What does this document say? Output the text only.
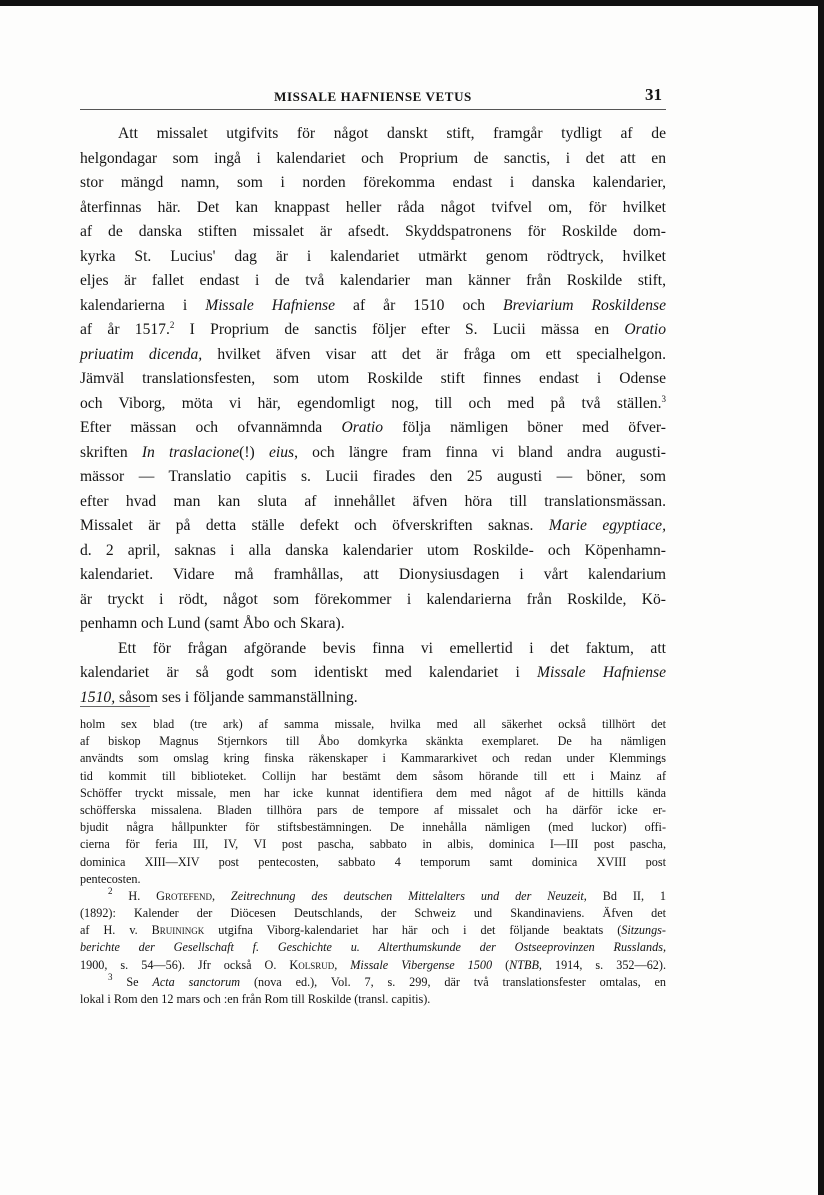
MISSALE HAFNIENSE VETUS	31
Att missalet utgifvits för något danskt stift, framgår tydligt af de
helgondagar som ingå i kalendariet och Proprium de sanctis, i det att en
stor mängd namn, som i norden förekomma endast i danska kalendarier,
återfinnas här. Det kan knappast heller råda något tvifvel om, för hvilket
af de danska stiften missalet är afsedt. Skyddspatronens för Roskilde dom-
kyrka St. Lucius' dag är i kalendariet utmärkt genom rödtryck, hvilket
eljes är fallet endast i de två kalendarier man känner från Roskilde stift,
kalendarierna i Missale Hafniense af år 1510 och Breviarium Roskildense
af år 1517.$^2$ I Proprium de sanctis följer efter S. Lucii mässa en Oratio
priuatim dicenda, hvilket äfven visar att det är fråga om ett specialhelgon.
Jämväl translationsfesten, som utom Roskilde stift finnes endast i Odense
och Viborg, möta vi här, egendomligt nog, till och med på två ställen.$^3$
Efter mässan och ofvannämnda Oratio följa nämligen böner med öfver-
skriften In traslacione(!) eius, och längre fram finna vi bland andra augusti-
mässor — Translatio capitis s. Lucii firades den 25 augusti — böner, som
efter hvad man kan sluta af innehållet äfven höra till translationsmässan.
Missalet är på detta ställe defekt och öfverskriften saknas. Marie egyptiace,
d. 2 april, saknas i alla danska kalendarier utom Roskilde- och Köpenhamn-
kalendariet. Vidare må framhållas, att Dionysiusdagen i vårt kalendarium
är tryckt i rödt, något som förekommer i kalendarierna från Roskilde, Kö-
penhamn och Lund (samt Åbo och Skara).
Ett för frågan afgörande bevis finna vi emellertid i det faktum, att
kalendariet är så godt som identiskt med kalendariet i Missale Hafniense
1510, såsom ses i följande sammanställning.
holm sex blad (tre ark) af samma missale, hvilka med all säkerhet också tillhört det
af biskop Magnus Stjernkors till Åbo domkyrka skänkta exemplaret. De ha nämligen
användts som omslag kring finska räkenskaper i Kammararkivet och redan under Klemmings
tid kommit till biblioteket. Collijn har bestämt dem såsom hörande till ett i Mainz af
Schöffer tryckt missale, men har icke kunnat identifiera dem med något af de hittills kända
schöfferska missalena. Bladen tillhöra pars de tempore af missalet och ha därför icke er-
bjudit några hållpunkter för stiftsbestämningen. De innehålla nämligen (med luckor) offi-
cierna för feria III, IV, VI post pascha, sabbato in albis, dominica I—III post pascha,
dominica XIII—XIV post pentecosten, sabbato 4 temporum samt dominica XVIII post
pentecosten.
$^2$ H. Grotefend, Zeitrechnung des deutschen Mittelalters und der Neuzeit, Bd II, 1
(1892): Kalender der Diöcesen Deutschlands, der Schweiz und Skandinaviens. Äfven det
af H. v. Bruiningk utgifna Viborg-kalendariet har här och i det följande beaktats (Sitzungs-
berichte der Gesellschaft f. Geschichte u. Alterthumskunde der Ostseeprovinzen Russlands,
1900, s. 54—56). Jfr också O. Kolsrud, Missale Vibergense 1500 (NTBB, 1914, s. 352—62).
$^3$ Se Acta sanctorum (nova ed.), Vol. 7, s. 299, där två translationsfester omtalas, en
lokal i Rom den 12 mars och :en från Rom till Roskilde (transl. capitis).
